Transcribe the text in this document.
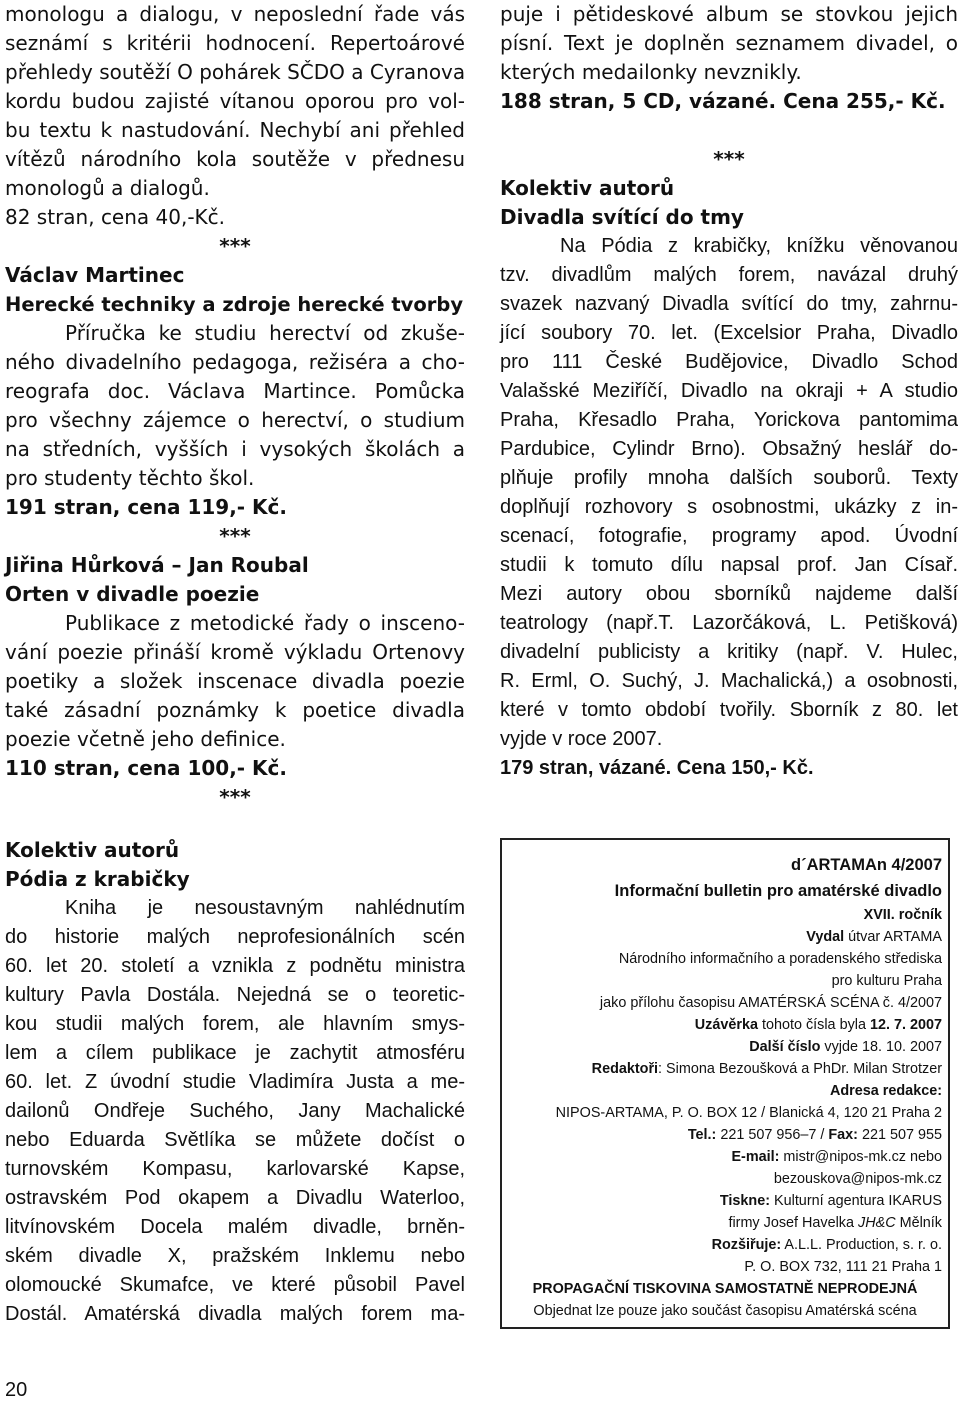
monologu a dialogu, v neposlední řade vás
seznámí s kritérii hodnocení. Repertoárové
přehledy soutěží O pohárek SČDO a Cyranova
kordu budou zajisté vítanou oporou pro vol-
bu textu k nastudování. Nechybí ani přehled
vítězů národního kola soutěže v přednesu
monologů a dialogů.
82 stran, cena 40,-Kč.
***
Václav Martinec
Herecké techniky a zdroje herecké tvorby
Příručka ke studiu herectví od zkuše-
ného divadelního pedagoga, režiséra a cho-
reografa doc. Václava Martince. Pomůcka
pro všechny zájemce o herectví, o studium
na středních, vyšších i vysokých školách a
pro studenty těchto škol.
191 stran, cena 119,- Kč.
***
Jiřina Hůrková – Jan Roubal
Orten v divadle poezie
Publikace z metodické řady o insceno-
vání poezie přináší kromě výkladu Ortenovy
poetiky a složek inscenace divadla poezie
také zásadní poznámky k poetice divadla
poezie včetně jeho definice.
110 stran, cena 100,- Kč.
***
puje i pětideskové album se stovkou jejich
písní. Text je doplněn seznamem divadel, o
kterých medailonky nevznikly.
188 stran, 5 CD, vázané. Cena 255,- Kč.
***
Kolektiv autorů
Divadla svítící do tmy
Na Pódia z krabičky, knížku věnovanou
tzv. divadlům malých forem, navázal druhý
svazek nazvaný Divadla svítící do tmy, zahrnu-
jící soubory 70. let. (Excelsior Praha, Divadlo
pro 111 České Budějovice, Divadlo Schod
Valašské Meziříčí, Divadlo na okraji + A studio
Praha, Křesadlo Praha, Yorickova pantomima
Pardubice, Cylindr Brno). Obsažný heslář do-
plňuje profily mnoha dalších souborů. Texty
doplňují rozhovory s osobnostmi, ukázky z in-
scenací, fotografie, programy apod. Úvodní
studii k tomuto dílu napsal prof. Jan Císař.
Mezi autory obou sborníků najdeme další
teatrology (např.T. Lazorčáková, L. Petišková)
divadelní publicisty a kritiky (např. V. Hulec,
R. Erml, O. Suchý, J. Machalická,) a osobnosti,
které v tomto období tvořily. Sborník z 80. let
vyjde v roce 2007.
179 stran, vázané. Cena 150,- Kč.
Kolektiv autorů
Pódia z krabičky
Kniha je nesoustavným nahlédnutím
do historie malých neprofesionálních scén
60. let 20. století a vznikla z podnětu ministra
kultury Pavla Dostála. Nejedná se o teoretic-
kou studii malých forem, ale hlavním smys-
lem a cílem publikace je zachytit atmosféru
60. let. Z úvodní studie Vladimíra Justa a me-
dailonů Ondřeje Suchého, Jany Machalické
nebo Eduarda Světlíka se můžete dočíst o
turnovském Kompasu, karlovarské Kapse,
ostravském Pod okapem a Divadlu Waterloo,
litvínovském Docela malém divadle, brněn-
ském divadle X, pražském Inklemu nebo
olomoucké Skumafce, ve které působil Pavel
Dostál. Amatérská divadla malých forem ma-
d´ARTAMAn 4/2007
Informační bulletin pro amatérské divadlo
XVII. ročník
Vydal útvar ARTAMA
Národního informačního a poradenského střediska
pro kulturu Praha
jako přílohu časopisu AMATÉRSKÁ SCÉNA č. 4/2007
Uzávěrka tohoto čísla byla 12. 7. 2007
Další číslo vyjde 18. 10. 2007
Redaktoři: Simona Bezoušková a PhDr. Milan Strotzer
Adresa redakce:
NIPOS-ARTAMA, P. O. BOX 12 / Blanická 4, 120 21 Praha 2
Tel.: 221 507 956–7 / Fax: 221 507 955
E-mail: mistr@nipos-mk.cz nebo
bezouskova@nipos-mk.cz
Tiskne: Kulturní agentura IKARUS
firmy Josef Havelka JH&C Mělník
Rozšiřuje: A.L.L. Production, s. r. o.
P. O. BOX 732, 111 21 Praha 1
PROPAGAČNÍ TISKOVINA SAMOSTATNĚ NEPRODEJNÁ
Objednat lze pouze jako součást časopisu Amatérská scéna
20
